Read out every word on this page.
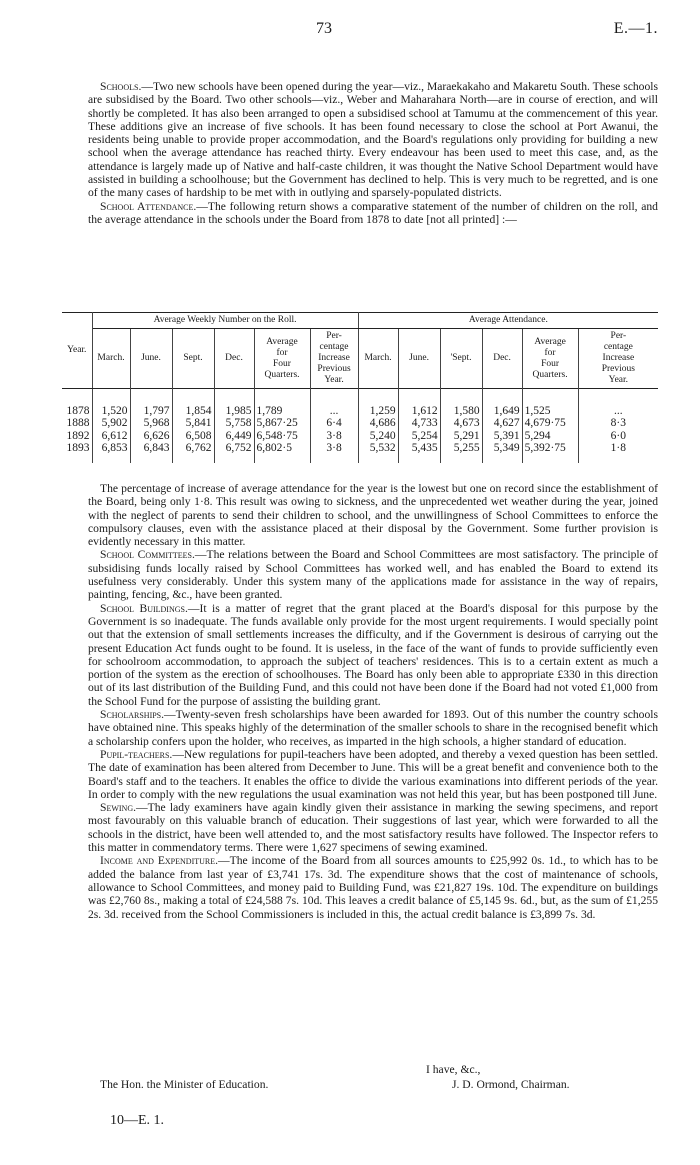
73	E.—1.

Schools.—Two new schools have been opened during the year—viz., Maraekakaho and Makaretu South. These schools are subsidised by the Board. Two other schools—viz., Weber and Maharahara North—are in course of erection, and will shortly be completed. It has also been arranged to open a subsidised school at Tamumu at the commencement of this year. These additions give an increase of five schools. It has been found necessary to close the school at Port Awanui, the residents being unable to provide proper accommodation, and the Board's regulations only providing for building a new school when the average attendance has reached thirty. Every endeavour has been used to meet this case, and, as the attendance is largely made up of Native and half-caste children, it was thought the Native School Department would have assisted in building a schoolhouse; but the Government has declined to help. This is very much to be regretted, and is one of the many cases of hardship to be met with in outlying and sparsely-populated districts.

School Attendance.—The following return shows a comparative statement of the number of children on the roll, and the average attendance in the schools under the Board from 1878 to date [not all printed] :—

Year.	Average Weekly Number on the Roll.						Average Attendance.					
	March.	June.	Sept.	Dec.	Average
for
Four
Quarters.	Per-
centage
Increase
Previous
Year.	March.	June.	'Sept.	Dec.	Average
for
Four
Quarters.	Per-
centage
Increase
Previous
Year.

1878	1,520	1,797	1,854	1,985	1,789	...	1,259	1,612	1,580	1,649	1,525	...
1888	5,902	5,968	5,841	5,758	5,867·25	6·4	4,686	4,733	4,673	4,627	4,679·75	8·3
1892	6,612	6,626	6,508	6,449	6,548·75	3·8	5,240	5,254	5,291	5,391	5,294	6·0
1893	6,853	6,843	6,762	6,752	6,802·5	3·8	5,532	5,435	5,255	5,349	5,392·75	1·8

The percentage of increase of average attendance for the year is the lowest but one on record since the establishment of the Board, being only 1·8. This result was owing to sickness, and the unprecedented wet weather during the year, joined with the neglect of parents to send their children to school, and the unwillingness of School Committees to enforce the compulsory clauses, even with the assistance placed at their disposal by the Government. Some further provision is evidently necessary in this matter.

School Committees.—The relations between the Board and School Committees are most satisfactory. The principle of subsidising funds locally raised by School Committees has worked well, and has enabled the Board to extend its usefulness very considerably. Under this system many of the applications made for assistance in the way of repairs, painting, fencing, &c., have been granted.

School Buildings.—It is a matter of regret that the grant placed at the Board's disposal for this purpose by the Government is so inadequate. The funds available only provide for the most urgent requirements. I would specially point out that the extension of small settlements increases the difficulty, and if the Government is desirous of carrying out the present Education Act funds ought to be found. It is useless, in the face of the want of funds to provide sufficiently even for schoolroom accommodation, to approach the subject of teachers' residences. This is to a certain extent as much a portion of the system as the erection of schoolhouses. The Board has only been able to appropriate £330 in this direction out of its last distribution of the Building Fund, and this could not have been done if the Board had not voted £1,000 from the School Fund for the purpose of assisting the building grant.

Scholarships.—Twenty-seven fresh scholarships have been awarded for 1893. Out of this number the country schools have obtained nine. This speaks highly of the determination of the smaller schools to share in the recognised benefit which a scholarship confers upon the holder, who receives, as imparted in the high schools, a higher standard of education.

Pupil-teachers.—New regulations for pupil-teachers have been adopted, and thereby a vexed question has been settled. The date of examination has been altered from December to June. This will be a great benefit and convenience both to the Board's staff and to the teachers. It enables the office to divide the various examinations into different periods of the year. In order to comply with the new regulations the usual examination was not held this year, but has been postponed till June.

Sewing.—The lady examiners have again kindly given their assistance in marking the sewing specimens, and report most favourably on this valuable branch of education. Their suggestions of last year, which were forwarded to all the schools in the district, have been well attended to, and the most satisfactory results have followed. The Inspector refers to this matter in commendatory terms. There were 1,627 specimens of sewing examined.

Income and Expenditure.—The income of the Board from all sources amounts to £25,992 0s. 1d., to which has to be added the balance from last year of £3,741 17s. 3d. The expenditure shows that the cost of maintenance of schools, allowance to School Committees, and money paid to Building Fund, was £21,827 19s. 10d. The expenditure on buildings was £2,760 8s., making a total of £24,588 7s. 10d. This leaves a credit balance of £5,145 9s. 6d., but, as the sum of £1,255 2s. 3d. received from the School Commissioners is included in this, the actual credit balance is £3,899 7s. 3d.

I have, &c.,
The Hon. the Minister of Education.	J. D. Ormond, Chairman.
10—E. 1.
